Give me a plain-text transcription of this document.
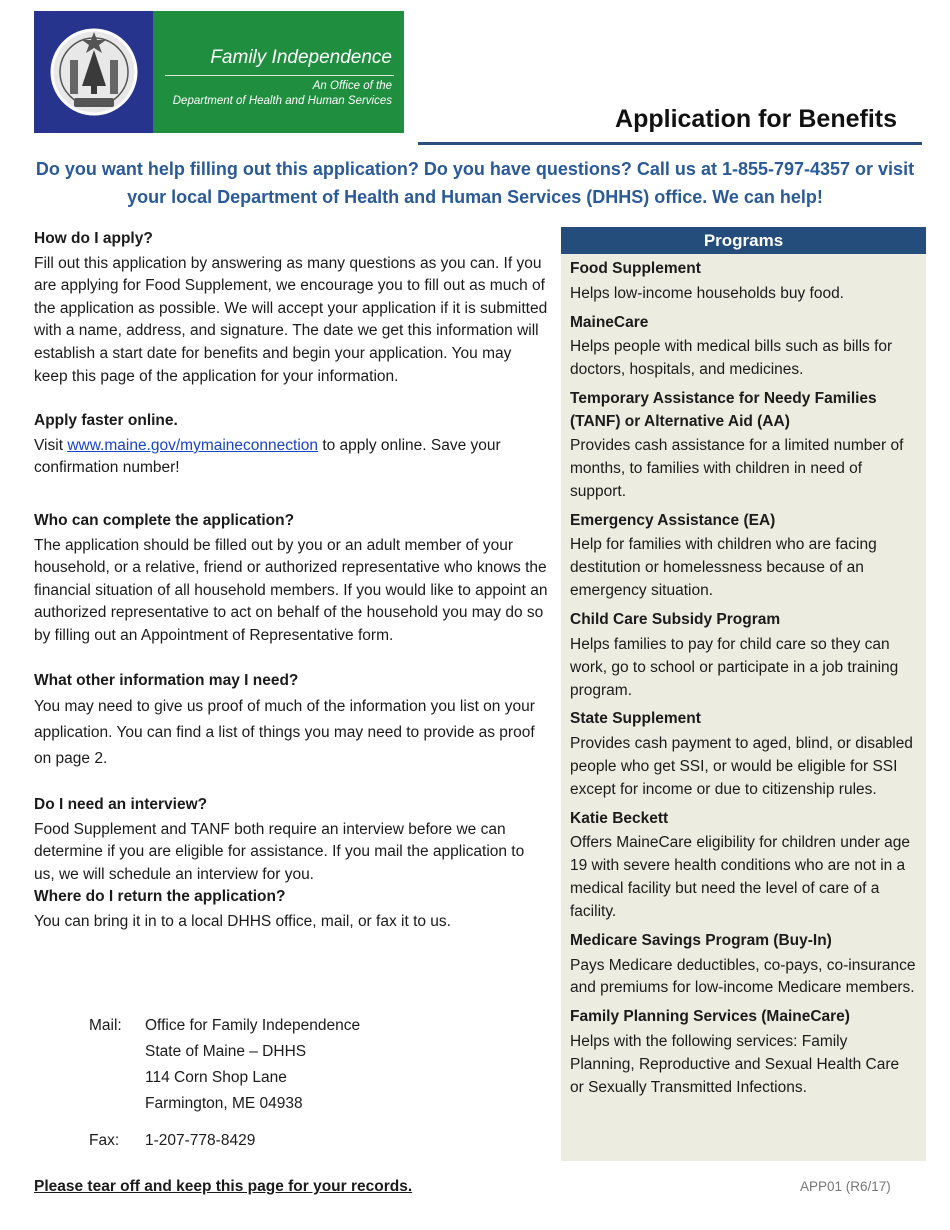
Family Independence
An Office of the
Department of Health and Human Services
Application for Benefits
Do you want help filling out this application? Do you have questions? Call us at 1-855-797-4357 or visit your local Department of Health and Human Services (DHHS) office. We can help!

How do I apply?

Fill out this application by answering as many questions as you can. If you are applying for Food Supplement, we encourage you to fill out as much of the application as possible. We will accept your application if it is submitted with a name, address, and signature. The date we get this information will establish a start date for benefits and begin your application. You may keep this page of the application for your information.

Apply faster online.

Visit www.maine.gov/mymaineconnection to apply online. Save your confirmation number!

Who can complete the application?

The application should be filled out by you or an adult member of your household, or a relative, friend or authorized representative who knows the financial situation of all household members. If you would like to appoint an authorized representative to act on behalf of the household you may do so by filling out an Appointment of Representative form.

What other information may I need?

You may need to give us proof of much of the information you list on your application. You can find a list of things you may need to provide as proof on page 2.

Do I need an interview?

Food Supplement and TANF both require an interview before we can determine if you are eligible for assistance. If you mail the application to us, we will schedule an interview for you.

Where do I return the application?

You can bring it in to a local DHHS office, mail, or fax it to us.

Mail:	Office for Family Independence
State of Maine – DHHS
114 Corn Shop Lane
Farmington, ME 04938
Fax:	1-207-778-8429
Please tear off and keep this page for your records.	APP01 (R6/17)
Programs
Food Supplement
Helps low-income households buy food.
MaineCare
Helps people with medical bills such as bills for doctors, hospitals, and medicines.
Temporary Assistance for Needy Families (TANF) or Alternative Aid (AA)
Provides cash assistance for a limited number of months, to families with children in need of support.
Emergency Assistance (EA)
Help for families with children who are facing destitution or homelessness because of an emergency situation.
Child Care Subsidy Program
Helps families to pay for child care so they can work, go to school or participate in a job training program.
State Supplement
Provides cash payment to aged, blind, or disabled people who get SSI, or would be eligible for SSI except for income or due to citizenship rules.
Katie Beckett
Offers MaineCare eligibility for children under age 19 with severe health conditions who are not in a medical facility but need the level of care of a facility.
Medicare Savings Program (Buy-In)
Pays Medicare deductibles, co-pays, co-insurance and premiums for low-income Medicare members.
Family Planning Services (MaineCare)
Helps with the following services: Family Planning, Reproductive and Sexual Health Care or Sexually Transmitted Infections.
